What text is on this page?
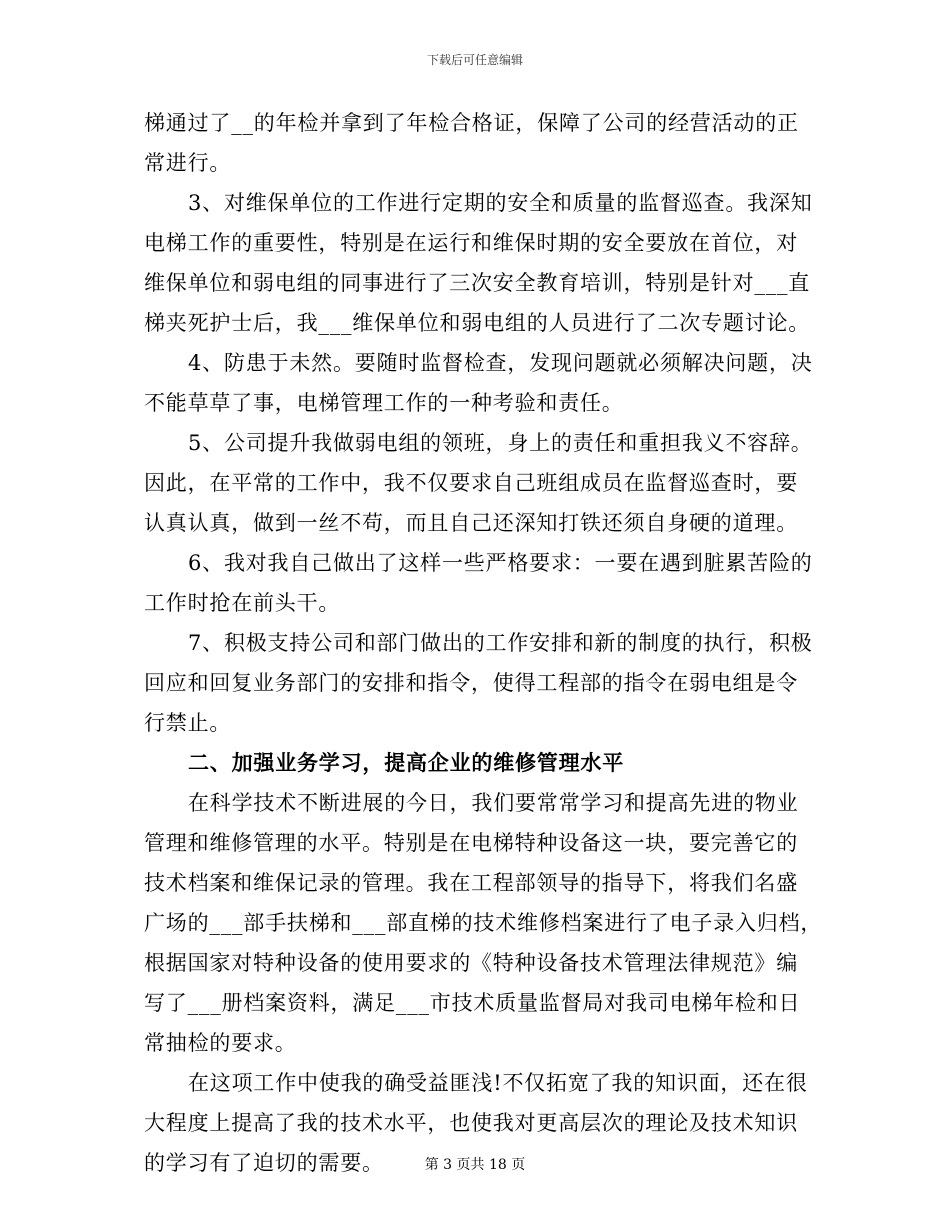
下载后可任意编辑
梯通过了__的年检并拿到了年检合格证，保障了公司的经营活动的正
常进行。
3、对维保单位的工作进行定期的安全和质量的监督巡查。我深知
电梯工作的重要性，特别是在运行和维保时期的安全要放在首位，对
维保单位和弱电组的同事进行了三次安全教育培训，特别是针对___直
梯夹死护士后，我___维保单位和弱电组的人员进行了二次专题讨论。
4、防患于未然。要随时监督检查，发现问题就必须解决问题，决
不能草草了事，电梯管理工作的一种考验和责任。
5、公司提升我做弱电组的领班，身上的责任和重担我义不容辞。
因此，在平常的工作中，我不仅要求自己班组成员在监督巡查时，要
认真认真，做到一丝不苟，而且自己还深知打铁还须自身硬的道理。
6、我对我自己做出了这样一些严格要求：一要在遇到脏累苦险的
工作时抢在前头干。
7、积极支持公司和部门做出的工作安排和新的制度的执行，积极
回应和回复业务部门的安排和指令，使得工程部的指令在弱电组是令
行禁止。
二、加强业务学习，提高企业的维修管理水平
在科学技术不断进展的今日，我们要常常学习和提高先进的物业
管理和维修管理的水平。特别是在电梯特种设备这一块，要完善它的
技术档案和维保记录的管理。我在工程部领导的指导下，将我们名盛
广场的___部手扶梯和___部直梯的技术维修档案进行了电子录入归档，
根据国家对特种设备的使用要求的《特种设备技术管理法律规范》编
写了___册档案资料，满足___市技术质量监督局对我司电梯年检和日
常抽检的要求。
在这项工作中使我的确受益匪浅!不仅拓宽了我的知识面，还在很
大程度上提高了我的技术水平，也使我对更高层次的理论及技术知识
的学习有了迫切的需要。	第 3 页共 18 页
